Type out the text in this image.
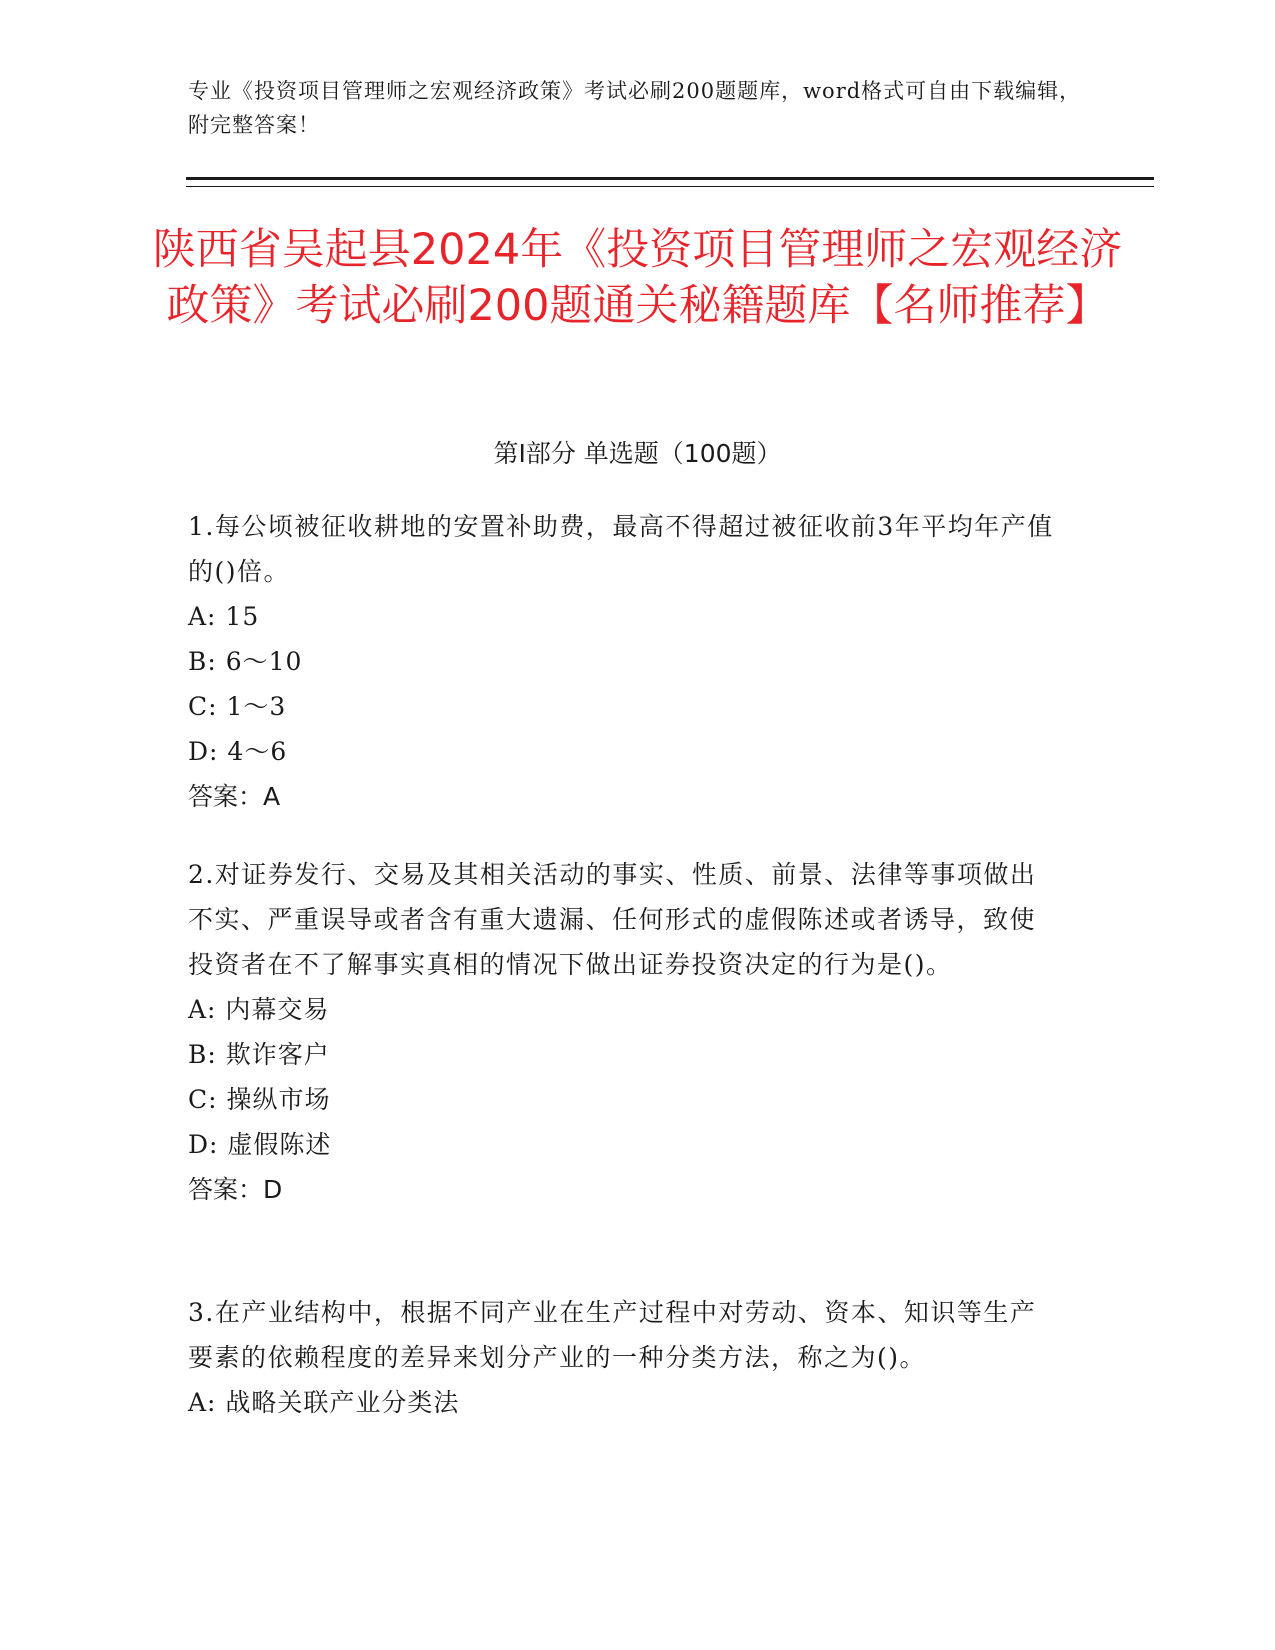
专业《投资项目管理师之宏观经济政策》考试必刷200题题库，word格式可自由下载编辑，附完整答案！
陕西省吴起县2024年《投资项目管理师之宏观经济政策》考试必刷200题通关秘籍题库【名师推荐】
第Ⅰ部分 单选题（100题）
1.每公顷被征收耕地的安置补助费，最高不得超过被征收前3年平均年产值的()倍。
A: 15
B: 6～10
C: 1～3
D: 4～6
答案：A
2.对证券发行、交易及其相关活动的事实、性质、前景、法律等事项做出不实、严重误导或者含有重大遗漏、任何形式的虚假陈述或者诱导，致使投资者在不了解事实真相的情况下做出证券投资决定的行为是()。
A: 内幕交易
B: 欺诈客户
C: 操纵市场
D: 虚假陈述
答案：D
3.在产业结构中，根据不同产业在生产过程中对劳动、资本、知识等生产要素的依赖程度的差异来划分产业的一种分类方法，称之为()。
A: 战略关联产业分类法
